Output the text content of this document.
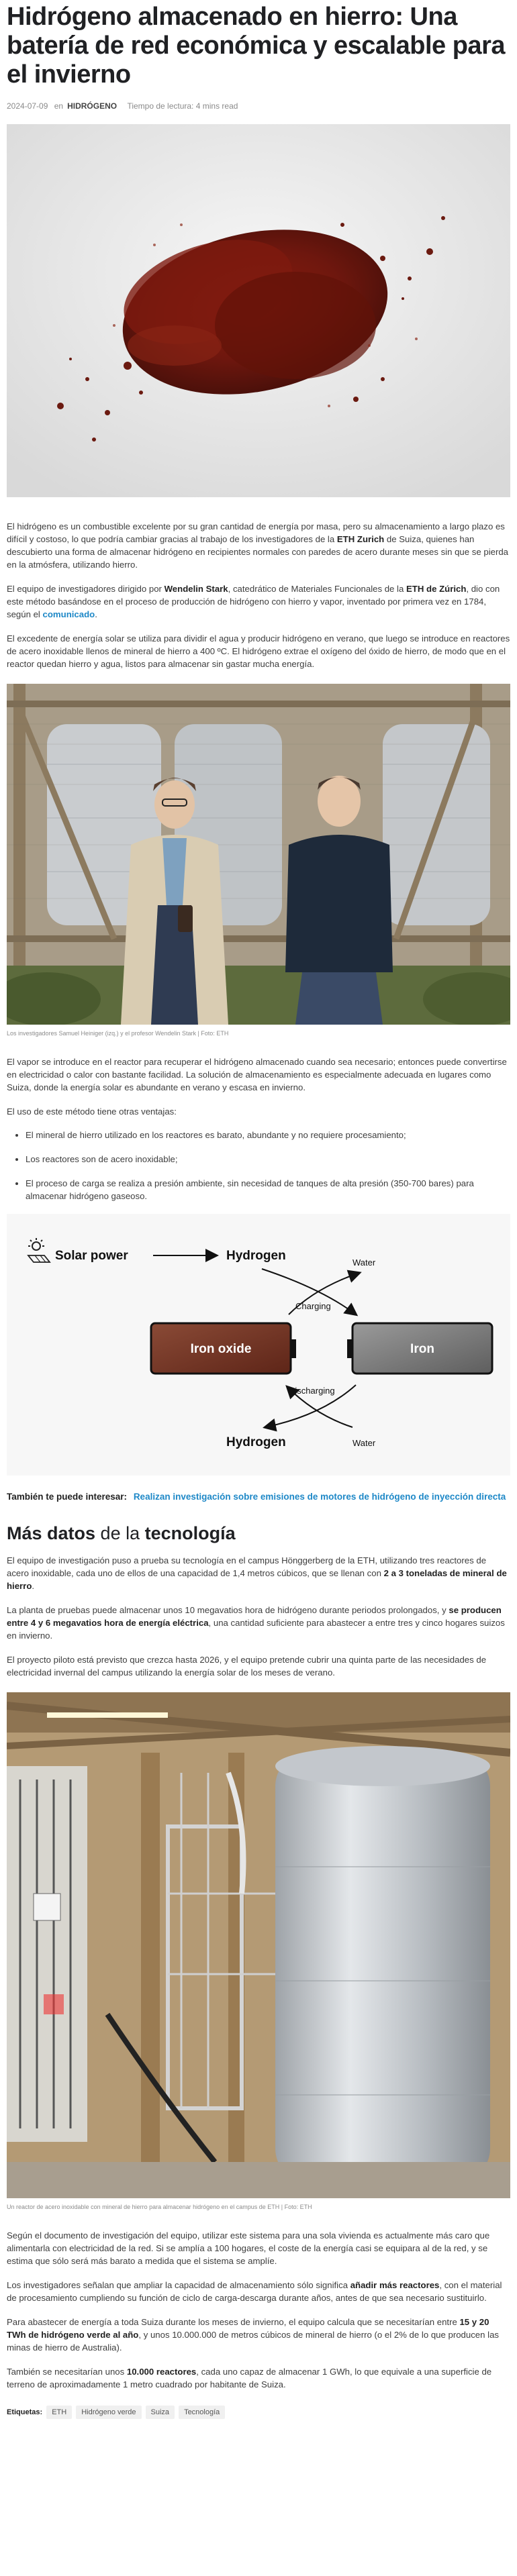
Hidrógeno almacenado en hierro: Una batería de red económica y escalable para el invierno
2024-07-09 en HIDRÓGENO Tiempo de lectura: 4 mins read

El hidrógeno es un combustible excelente por su gran cantidad de energía por masa, pero su almacenamiento a largo plazo es difícil y costoso, lo que podría cambiar gracias al trabajo de los investigadores de la ETH Zurich de Suiza, quienes han descubierto una forma de almacenar hidrógeno en recipientes normales con paredes de acero durante meses sin que se pierda en la atmósfera, utilizando hierro.

El equipo de investigadores dirigido por Wendelin Stark, catedrático de Materiales Funcionales de la ETH de Zúrich, dio con este método basándose en el proceso de producción de hidrógeno con hierro y vapor, inventado por primera vez en 1784, según el comunicado.

El excedente de energía solar se utiliza para dividir el agua y producir hidrógeno en verano, que luego se introduce en reactores de acero inoxidable llenos de mineral de hierro a 400 ºC. El hidrógeno extrae el oxígeno del óxido de hierro, de modo que en el reactor quedan hierro y agua, listos para almacenar sin gastar mucha energía.

Los investigadores Samuel Heiniger (izq.) y el profesor Wendelin Stark | Foto: ETH

El vapor se introduce en el reactor para recuperar el hidrógeno almacenado cuando sea necesario; entonces puede convertirse en electricidad o calor con bastante facilidad. La solución de almacenamiento es especialmente adecuada en lugares como Suiza, donde la energía solar es abundante en verano y escasa en invierno.

El uso de este método tiene otras ventajas:

• El mineral de hierro utilizado en los reactores es barato, abundante y no requiere procesamiento;
• Los reactores son de acero inoxidable;
• El proceso de carga se realiza a presión ambiente, sin necesidad de tanques de alta presión (350-700 bares) para almacenar hidrógeno gaseoso.
Solar power	Hydrogen	Water
Charging
Iron oxide	Iron
Discharging
Hydrogen	Water
También te puede interesar: Realizan investigación sobre emisiones de motores de hidrógeno de inyección directa
Más datos de la tecnología

El equipo de investigación puso a prueba su tecnología en el campus Hönggerberg de la ETH, utilizando tres reactores de acero inoxidable, cada uno de ellos de una capacidad de 1,4 metros cúbicos, que se llenan con 2 a 3 toneladas de mineral de hierro.

La planta de pruebas puede almacenar unos 10 megavatios hora de hidrógeno durante periodos prolongados, y se producen entre 4 y 6 megavatios hora de energía eléctrica, una cantidad suficiente para abastecer a entre tres y cinco hogares suizos en invierno.

El proyecto piloto está previsto que crezca hasta 2026, y el equipo pretende cubrir una quinta parte de las necesidades de electricidad invernal del campus utilizando la energía solar de los meses de verano.

Un reactor de acero inoxidable con mineral de hierro para almacenar hidrógeno en el campus de ETH | Foto: ETH

Según el documento de investigación del equipo, utilizar este sistema para una sola vivienda es actualmente más caro que alimentarla con electricidad de la red. Si se amplía a 100 hogares, el coste de la energía casi se equipara al de la red, y se estima que sólo será más barato a medida que el sistema se amplíe.

Los investigadores señalan que ampliar la capacidad de almacenamiento sólo significa añadir más reactores, con el material de procesamiento cumpliendo su función de ciclo de carga-descarga durante años, antes de que sea necesario sustituirlo.

Para abastecer de energía a toda Suiza durante los meses de invierno, el equipo calcula que se necesitarían entre 15 y 20 TWh de hidrógeno verde al año, y unos 10.000.000 de metros cúbicos de mineral de hierro (o el 2% de lo que producen las minas de hierro de Australia).

También se necesitarían unos 10.000 reactores, cada uno capaz de almacenar 1 GWh, lo que equivale a una superficie de terreno de aproximadamente 1 metro cuadrado por habitante de Suiza.

Etiquetas:	ETH	Hidrógeno verde	Suiza	Tecnología
